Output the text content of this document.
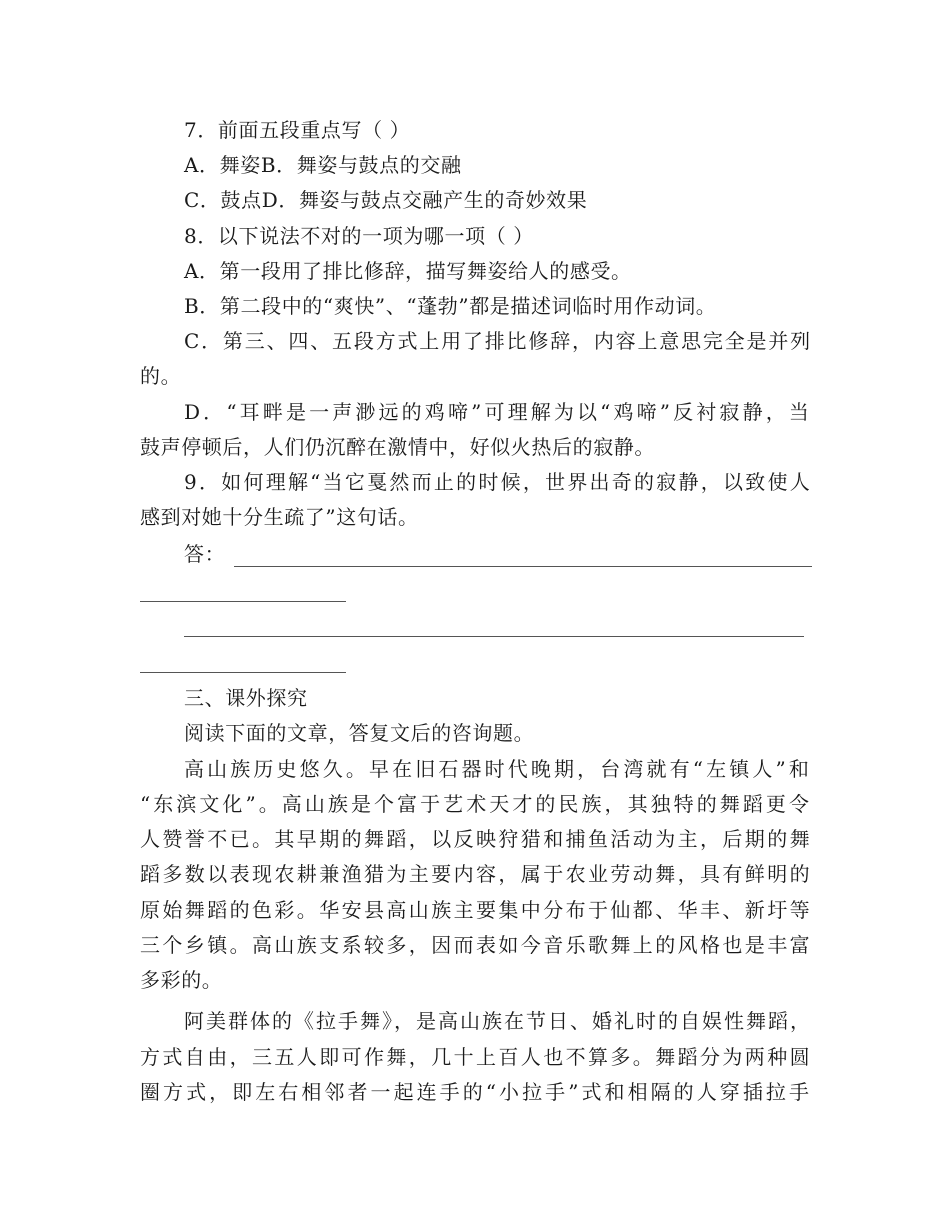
7．前面五段重点写（ ）
A．舞姿B．舞姿与鼓点的交融
C．鼓点D．舞姿与鼓点交融产生的奇妙效果
8．以下说法不对的一项为哪一项（ ）
A．第一段用了排比修辞，描写舞姿给人的感受。
B．第二段中的“爽快”、“蓬勃”都是描述词临时用作动词。
C．第三、四、五段方式上用了排比修辞，内容上意思完全是并列
的。
D．“耳畔是一声渺远的鸡啼”可理解为以“鸡啼”反衬寂静，当
鼓声停顿后，人们仍沉醉在激情中，好似火热后的寂静。
9．如何理解“当它戛然而止的时候，世界出奇的寂静，以致使人
感到对她十分生疏了”这句话。
答：
三、课外探究
阅读下面的文章，答复文后的咨询题。
高山族历史悠久。早在旧石器时代晚期，台湾就有“左镇人”和
“东滨文化”。高山族是个富于艺术天才的民族，其独特的舞蹈更令
人赞誉不已。其早期的舞蹈，以反映狩猎和捕鱼活动为主，后期的舞
蹈多数以表现农耕兼渔猎为主要内容，属于农业劳动舞，具有鲜明的
原始舞蹈的色彩。华安县高山族主要集中分布于仙都、华丰、新圩等
三个乡镇。高山族支系较多，因而表如今音乐歌舞上的风格也是丰富
多彩的。
阿美群体的《拉手舞》，是高山族在节日、婚礼时的自娱性舞蹈，
方式自由，三五人即可作舞，几十上百人也不算多。舞蹈分为两种圆
圈方式，即左右相邻者一起连手的“小拉手”式和相隔的人穿插拉手
